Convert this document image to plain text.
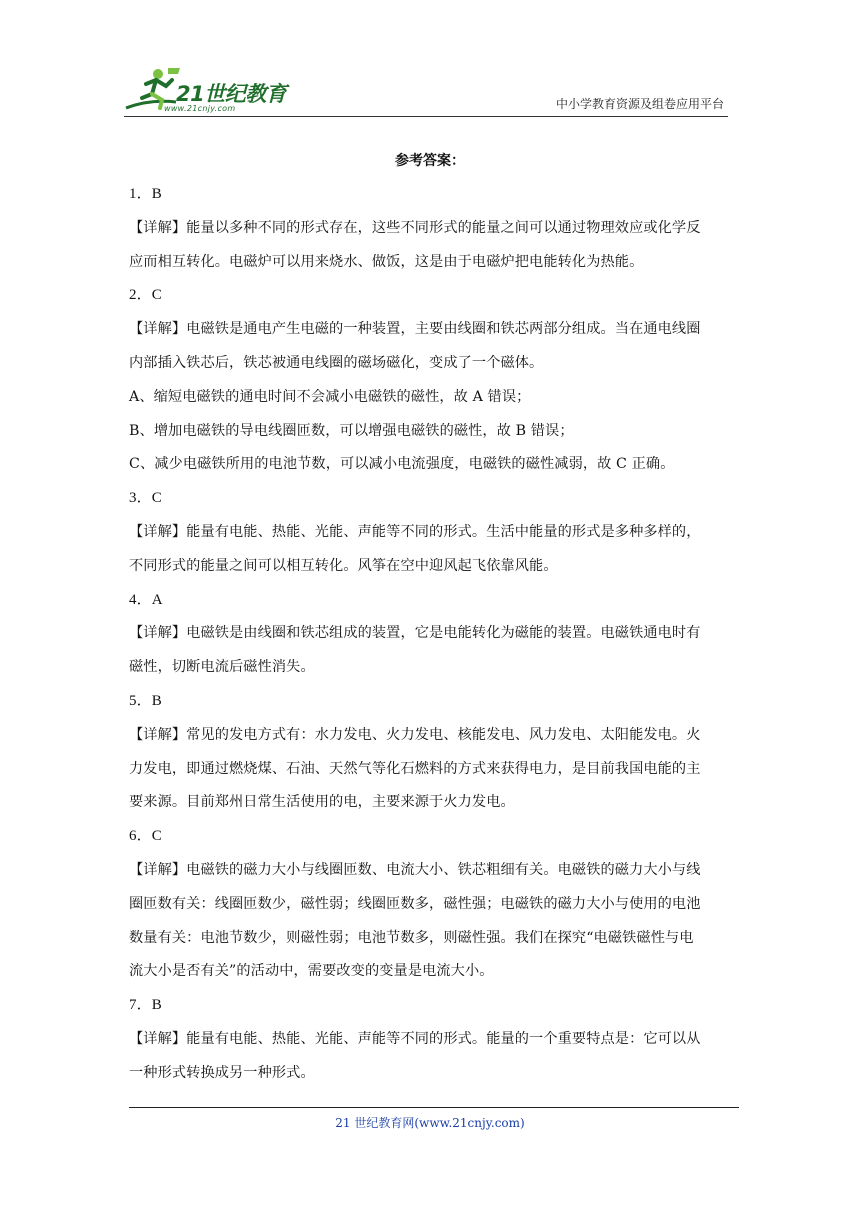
21世纪教育
www.21cnjy.com	中小学教育资源及组卷应用平台
参考答案：
1．B
【详解】能量以多种不同的形式存在，这些不同形式的能量之间可以通过物理效应或化学反
应而相互转化。电磁炉可以用来烧水、做饭，这是由于电磁炉把电能转化为热能。
2．C
【详解】电磁铁是通电产生电磁的一种装置，主要由线圈和铁芯两部分组成。当在通电线圈
内部插入铁芯后，铁芯被通电线圈的磁场磁化，变成了一个磁体。
A、缩短电磁铁的通电时间不会减小电磁铁的磁性，故 A 错误；
B、增加电磁铁的导电线圈匝数，可以增强电磁铁的磁性，故 B 错误；
C、减少电磁铁所用的电池节数，可以减小电流强度，电磁铁的磁性减弱，故 C 正确。
3．C
【详解】能量有电能、热能、光能、声能等不同的形式。生活中能量的形式是多种多样的，
不同形式的能量之间可以相互转化。风筝在空中迎风起飞依靠风能。
4．A
【详解】电磁铁是由线圈和铁芯组成的装置，它是电能转化为磁能的装置。电磁铁通电时有
磁性，切断电流后磁性消失。
5．B
【详解】常见的发电方式有：水力发电、火力发电、核能发电、风力发电、太阳能发电。火
力发电，即通过燃烧煤、石油、天然气等化石燃料的方式来获得电力，是目前我国电能的主
要来源。目前郑州日常生活使用的电，主要来源于火力发电。
6．C
【详解】电磁铁的磁力大小与线圈匝数、电流大小、铁芯粗细有关。电磁铁的磁力大小与线
圈匝数有关：线圈匝数少，磁性弱；线圈匝数多，磁性强；电磁铁的磁力大小与使用的电池
数量有关：电池节数少，则磁性弱；电池节数多，则磁性强。我们在探究“电磁铁磁性与电
流大小是否有关”的活动中，需要改变的变量是电流大小。
7．B
【详解】能量有电能、热能、光能、声能等不同的形式。能量的一个重要特点是：它可以从
一种形式转换成另一种形式。
21 世纪教育网(www.21cnjy.com)
